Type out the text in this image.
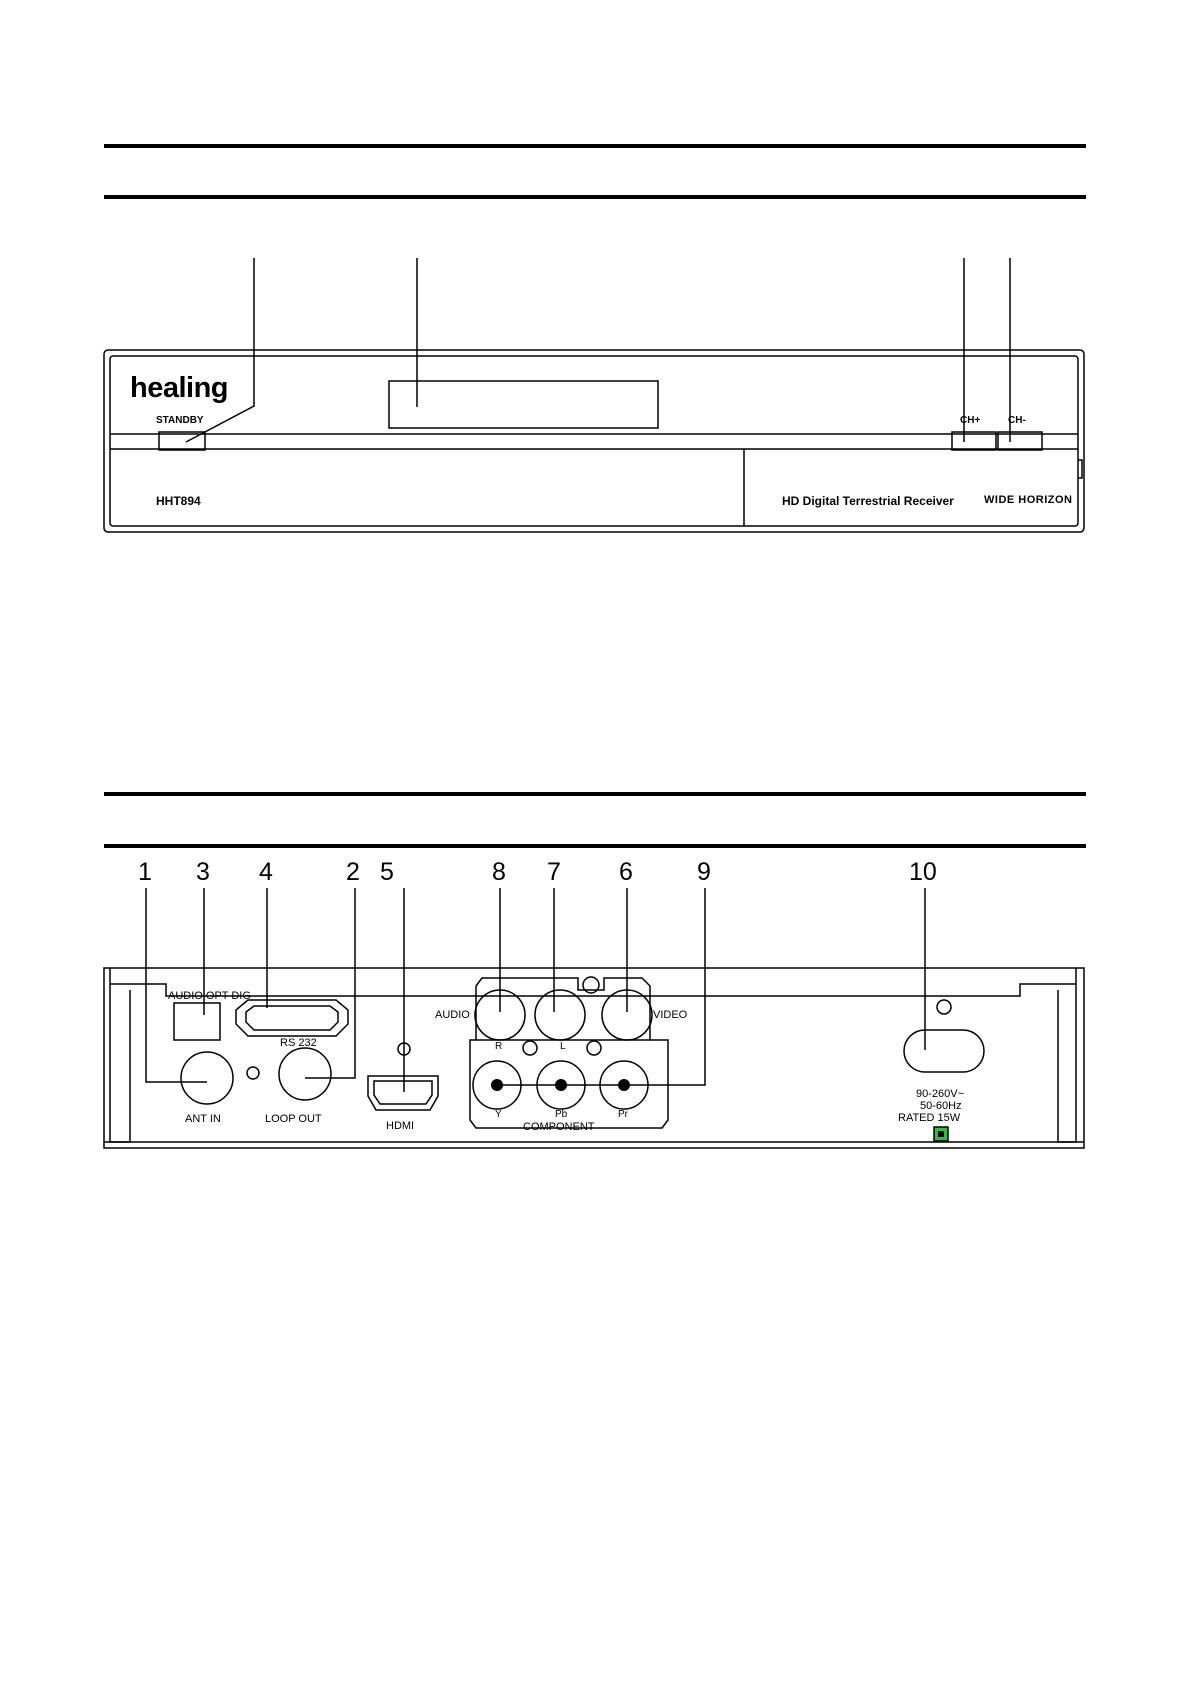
healing
STANDBY	CH+	CH-
HHT894	HD Digital Terrestrial Receiver	WIDE HORIZON
1 3 4	2 5	8 7 6	9	10
AUDIO OPT DIG
RS 232
ANT IN	LOOP OUT
HDMI
AUDIO	VIDEO
R	L
Y	Pb	Pr
COMPONENT
90-260V~
50-60Hz
RATED 15W
